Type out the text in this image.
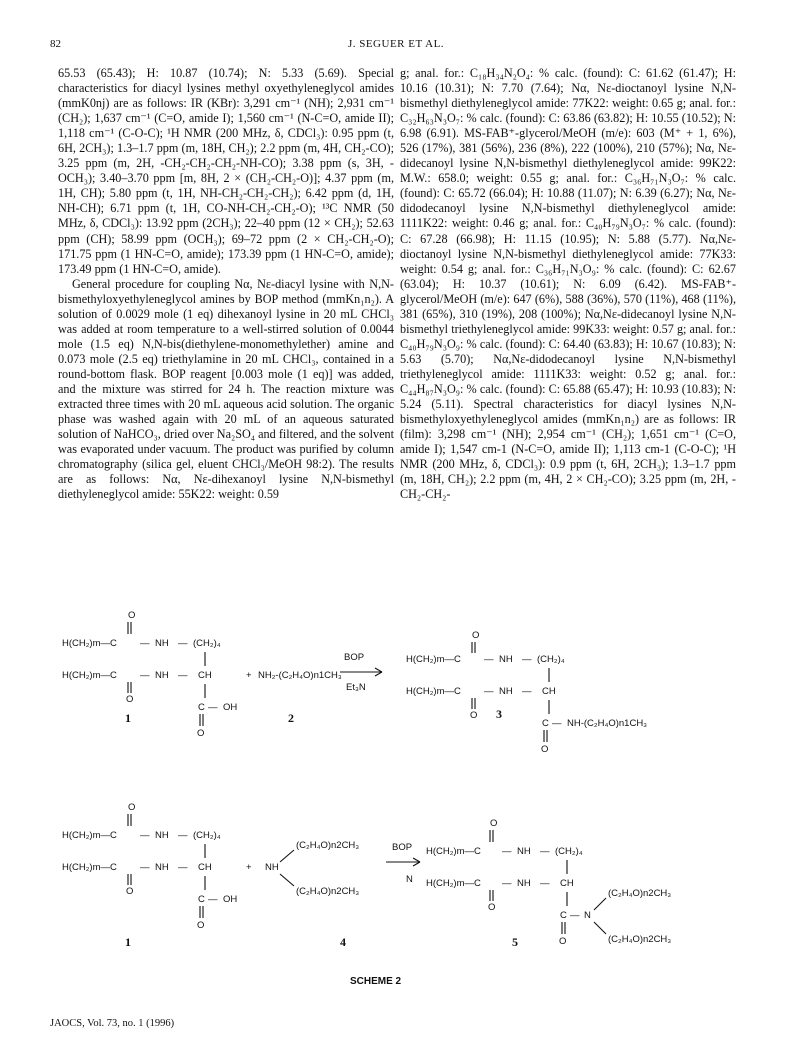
82	J. SEGUER ET AL.

65.53 (65.43); H: 10.87 (10.74); N: 5.33 (5.69). Special characteristics for diacyl lysines methyl oxyethyleneglycol amides (mmK0nj) are as follows: IR (KBr): 3,291 cm⁻¹ (NH); 2,931 cm⁻¹ (CH₂); 1,637 cm⁻¹ (C=O, amide I); 1,560 cm⁻¹ (N-C=O, amide II); 1,118 cm⁻¹ (C-O-C); ¹H NMR (200 MHz, δ, CDCl₃): 0.95 ppm (t, 6H, 2CH₃); 1.3–1.7 ppm (m, 18H, CH₂); 2.2 ppm (m, 4H, CH₂-CO); 3.25 ppm (m, 2H, -CH₂-CH₂-CH₂-NH-CO); 3.38 ppm (s, 3H, -OCH₃); 3.40–3.70 ppm [m, 8H, 2 × (CH₂-CH₂-O)]; 4.37 ppm (m, 1H, CH); 5.80 ppm (t, 1H, NH-CH₂-CH₂-CH₂); 6.42 ppm (d, 1H, NH-CH); 6.71 ppm (t, 1H, CO-NH-CH₂-CH₂-O); ¹³C NMR (50 MHz, δ, CDCl₃): 13.92 ppm (2CH₃); 22–40 ppm (12 × CH₂); 52.63 ppm (CH); 58.99 ppm (OCH₃); 69–72 ppm (2 × CH₂-CH₂-O); 171.75 ppm (1 HN-C=O, amide); 173.39 ppm (1 HN-C=O, amide); 173.49 ppm (1 HN-C=O, amide).

General procedure for coupling Nα, Nε-diacyl lysine with N,N-bismethyloxyethyleneglycol amines by BOP method (mmKn₁n₂). A solution of 0.0029 mole (1 eq) dihexanoyl lysine in 20 mL CHCl₃ was added at room temperature to a well-stirred solution of 0.0044 mole (1.5 eq) N,N-bis(diethylene-monomethylether) amine and 0.073 mole (2.5 eq) triethylamine in 20 mL CHCl₃, contained in a round-bottom flask. BOP reagent [0.003 mole (1 eq)] was added, and the mixture was stirred for 24 h. The reaction mixture was extracted three times with 20 mL aqueous acid solution. The organic phase was washed again with 20 mL of an aqueous saturated solution of NaHCO₃, dried over Na₂SO₄ and filtered, and the solvent was evaporated under vacuum. The product was purified by column chromatography (silica gel, eluent CHCl₃/MeOH 98:2). The results are as follows: Nα, Nε-dihexanoyl lysine N,N-bismethyl diethyleneglycol amide: 55K22: weight: 0.59

g; anal. for.: C₁₈H₃₄N₂O₄: % calc. (found): C: 61.62 (61.47); H: 10.16 (10.31); N: 7.70 (7.64); Nα, Nε-dioctanoyl lysine N,N-bismethyl diethyleneglycol amide: 77K22: weight: 0.65 g; anal. for.: C₃₂H₆₃N₃O₇: % calc. (found): C: 63.86 (63.82); H: 10.55 (10.52); N: 6.98 (6.91). MS-FAB⁺-glycerol/MeOH (m/e): 603 (M⁺ + 1, 6%), 526 (17%), 381 (56%), 236 (8%), 222 (100%), 210 (57%); Nα, Nε-didecanoyl lysine N,N-bismethyl diethyleneglycol amide: 99K22: M.W.: 658.0; weight: 0.55 g; anal. for.: C₃₆H₇₁N₃O₇: % calc. (found): C: 65.72 (66.04); H: 10.88 (11.07); N: 6.39 (6.27); Nα, Nε-didodecanoyl lysine N,N-bismethyl diethyleneglycol amide: 1111K22: weight: 0.46 g; anal. for.: C₄₀H₇₉N₃O₇: % calc. (found): C: 67.28 (66.98); H: 11.15 (10.95); N: 5.88 (5.77). Nα,Nε-dioctanoyl lysine N,N-bismethyl diethyleneglycol amide: 77K33: weight: 0.54 g; anal. for.: C₃₆H₇₁N₃O₉: % calc. (found): C: 62.67 (63.04); H: 10.37 (10.61); N: 6.09 (6.42). MS-FAB⁺-glycerol/MeOH (m/e): 647 (6%), 588 (36%), 570 (11%), 468 (11%), 381 (65%), 310 (19%), 208 (100%); Nα,Nε-didecanoyl lysine N,N-bismethyl triethyleneglycol amide: 99K33: weight: 0.57 g; anal. for.: C₄₀H₇₉N₃O₉: % calc. (found): C: 64.40 (63.83); H: 10.67 (10.83); N: 5.63 (5.70); Nα,Nε-didodecanoyl lysine N,N-bismethyl triethyleneglycol amide: 1111K33: weight: 0.52 g; anal. for.: C₄₄H₈₇N₃O₉: % calc. (found): C: 65.88 (65.47); H: 10.93 (10.83); N: 5.24 (5.11). Spectral characteristics for diacyl lysines N,N-bismethyloxyethyleneglycol amides (mmKn₁n₂) are as follows: IR (film): 3,298 cm⁻¹ (NH); 2,954 cm⁻¹ (CH₂); 1,651 cm⁻¹ (C=O, amide I); 1,547 cm-1 (N-C=O, amide II); 1,113 cm-1 (C-O-C); ¹H NMR (200 MHz, δ, CDCl₃): 0.9 ppm (t, 6H, 2CH₃); 1.3–1.7 ppm (m, 18H, CH₂); 2.2 ppm (m, 4H, 2 × CH₂-CO); 3.25 ppm (m, 2H, -CH₂-CH₂-

O
H(CH₂)m—C — NH — (CH₂)₄
H(CH₂)m—C — NH — CH
O
C — OH
O
1
+ NH₂-(C₂H₄O)n1CH₃
2
BOP
Et₃N
O
H(CH₂)m—C — NH — (CH₂)₄
H(CH₂)m—C — NH — CH
O 3
C — NH-(C₂H₄O)n1CH₃
O
O
H(CH₂)m—C — NH — (CH₂)₄
H(CH₂)m—C — NH — CH
O
C — OH
O
1
+ NH
(C₂H₄O)n2CH₃
(C₂H₄O)n2CH₃
4
BOP
N
O
H(CH₂)m—C — NH — (CH₂)₄
H(CH₂)m—C — NH — CH
O
C — N
(C₂H₄O)n2CH₃
(C₂H₄O)n2CH₃
O
5
SCHEME 2
JAOCS, Vol. 73, no. 1 (1996)
